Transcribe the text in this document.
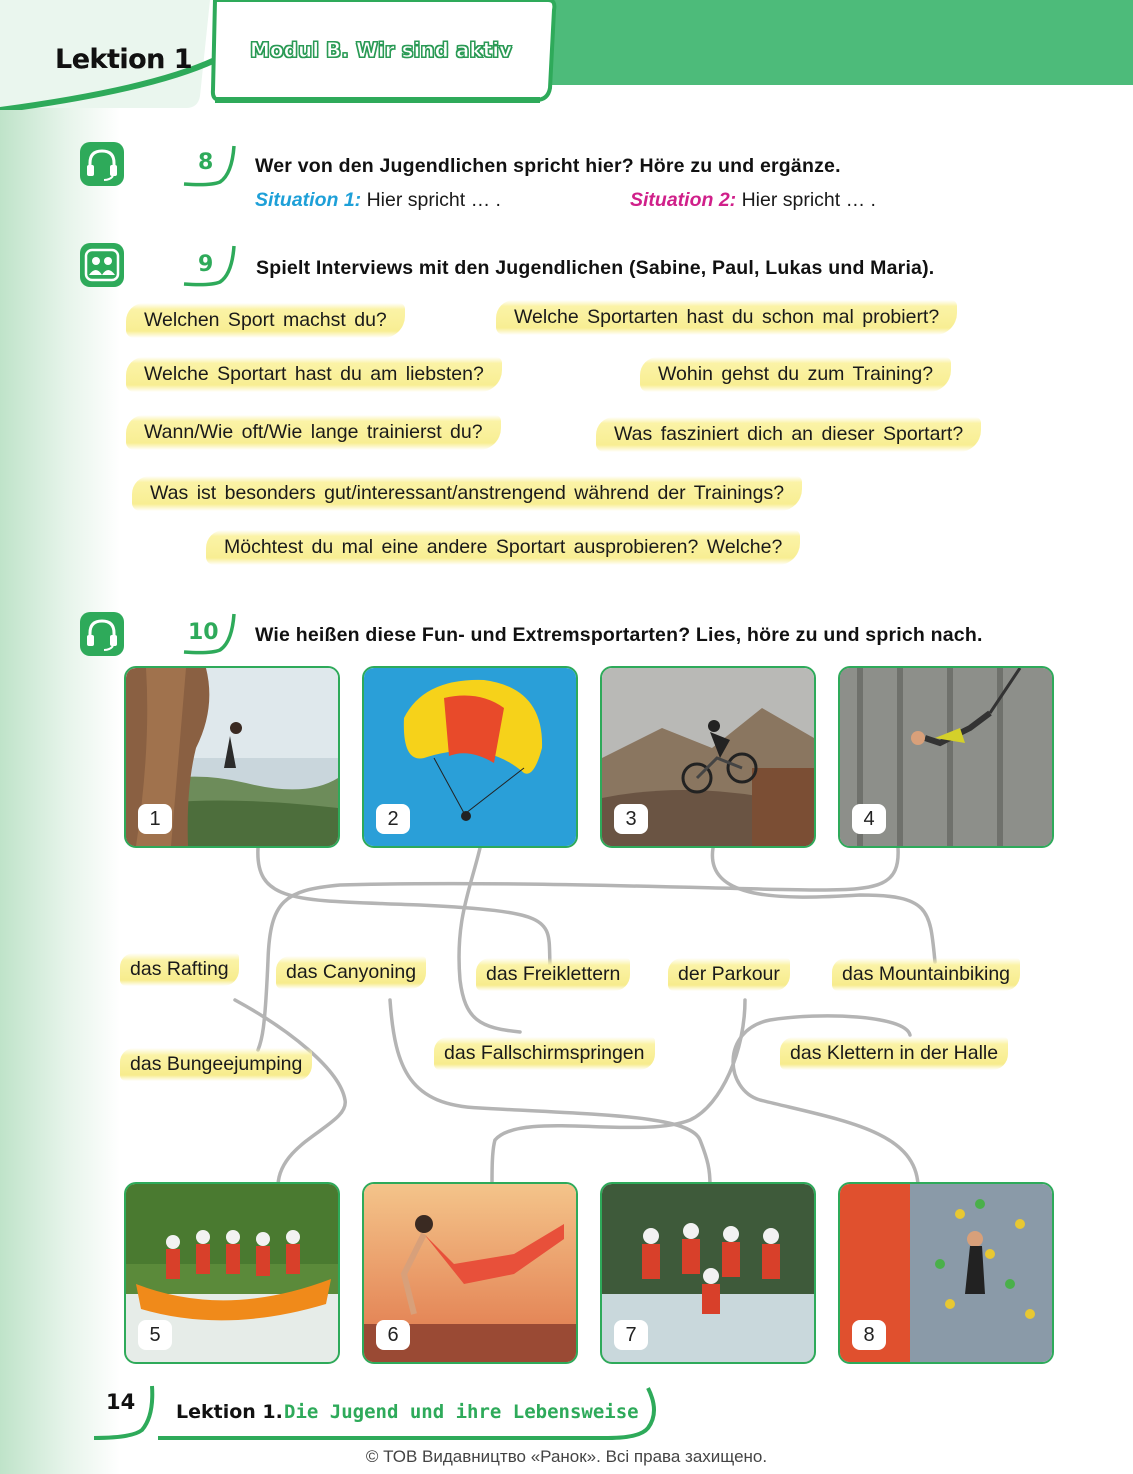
Lektion 1	Modul B. Wir sind aktiv
8 Wer von den Jugendlichen spricht hier? Höre zu und ergänze.
Situation 1: Hier spricht … .	Situation 2: Hier spricht … .
9 Spielt Interviews mit den Jugendlichen (Sabine, Paul, Lukas und Maria).
Welchen Sport machst du?	Welche Sportarten hast du schon mal probiert?
Welche Sportart hast du am liebsten?	Wohin gehst du zum Training?
Wann/Wie oft/Wie lange trainierst du?	Was fasziniert dich an dieser Sportart?
Was ist besonders gut/interessant/anstrengend während der Trainings?
Möchtest du mal eine andere Sportart ausprobieren? Welche?
10 Wie heißen diese Fun- und Extremsportarten? Lies, höre zu und sprich nach.
1	2	3	4
das Rafting	das Canyoning	das Freiklettern	der Parkour	das Mountainbiking
das Bungeejumping	das Fallschirmspringen	das Klettern in der Halle
5	6	7	8
14 Lektion 1. Die Jugend und ihre Lebensweise
© ТОВ Видавництво «Ранок». Всі права захищено.
